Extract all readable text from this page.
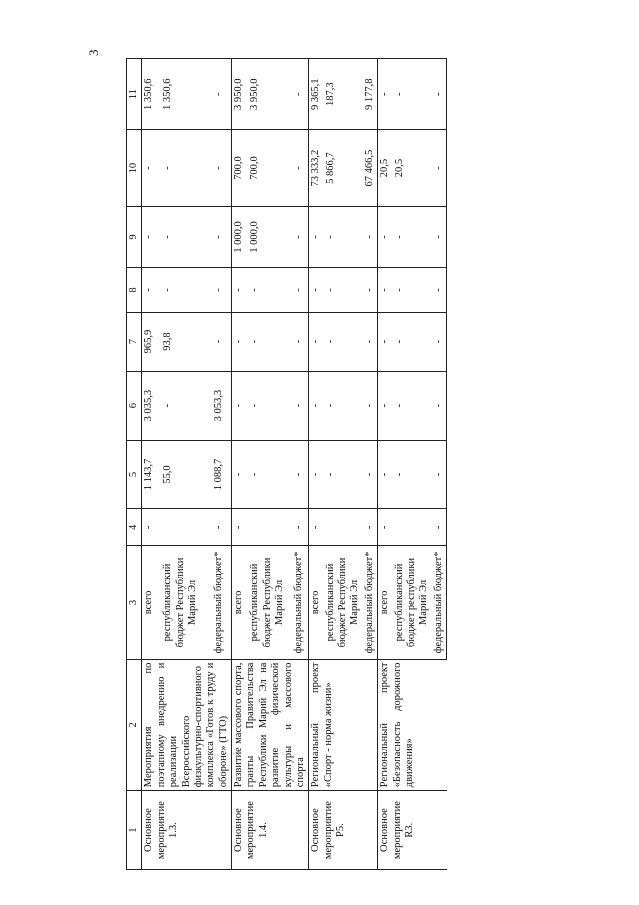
3
1	2	3	4	5	6	7	8	9	10	11
Основное мероприятие 1.3.	Мероприятия по поэтапному внедрению и реализации Всероссийского физкультурно-спортивного комплекса «Готов к труду и обороне» (ГТО)	всего	-	1 143,7	3 035,3	965,9	-	-	-	1 350,6
		республиканский бюджет Республики Марий Эл		55,0	-	93,8	-	-	-	1 350,6
		федеральный бюджет*	-	1 088,7	3 053,3	-	-	-	-	-
Основное мероприятие 1.4.	Развитие массового спорта, гранты Правительства Республики Марий Эл на развитие физической культуры и массового спорта	всего	-	-	-	-	-	1 000,0	700,0	3 950,0
		республиканский бюджет Республики Марий Эл		-	-	-	-	1 000,0	700,0	3 950,0
		федеральный бюджет*	-	-	-	-	-	-	-	-
Основное мероприятие Р5.	Региональный проект «Спорт - норма жизни»	всего	-	-	-	-	-	-	73 333,2	9 365,1
		республиканский бюджет Республики Марий Эл		-	-	-	-	-	5 866,7	187,3
		федеральный бюджет*	-	-	-	-	-	-	67 466,5	9 177,8
Основное мероприятие R3.	Региональный проект «Безопасность дорожного движения»	всего	-	-	-	-	-	-	20,5	-
		республиканский бюджет республики Марий Эл		-	-	-	-	-	20,5	-
		федеральный бюджет*	-	-	-	-	-	-	-	-
